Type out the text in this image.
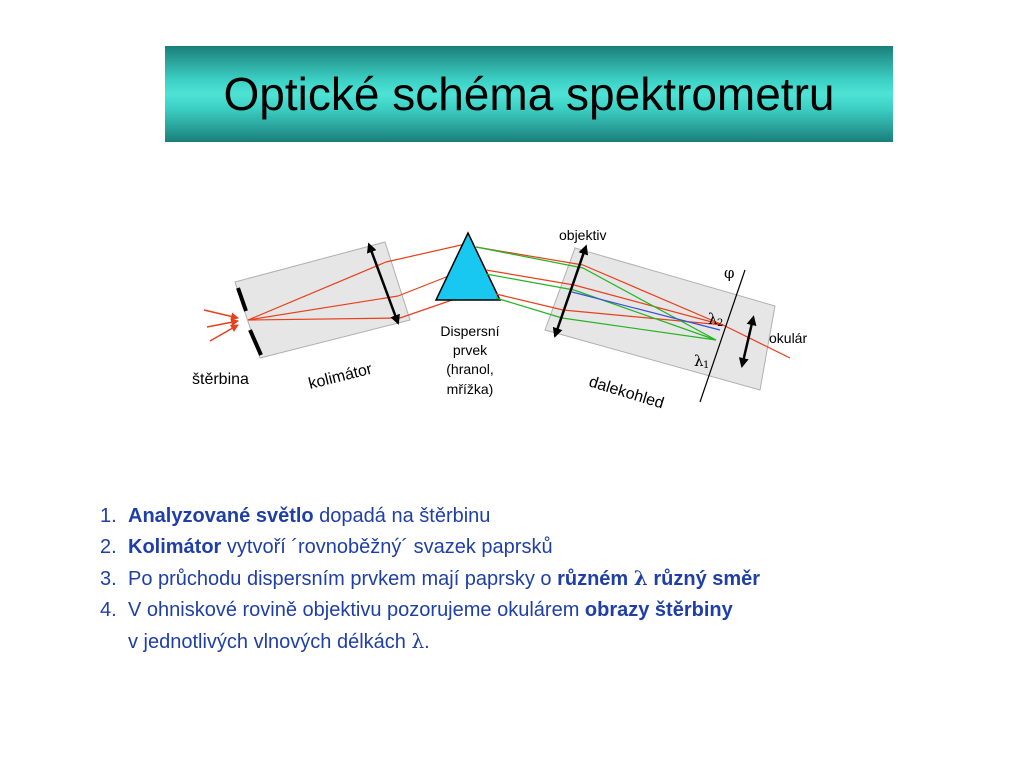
Optické schéma spektrometru
štěrbina	kolimátor
Dispersní
prvek
(hranol,
mřížka)
objektiv
dalekohled
okulár
φ
λ 2
λ 1
1. Analyzované světlo dopadá na štěrbinu
2. Kolimátor vytvoří ´rovnoběžný´ svazek paprsků
3. Po průchodu dispersním prvkem mají paprsky o různém λ různý směr
4. V ohniskové rovině objektivu pozorujeme okulárem obrazy štěrbiny
v jednotlivých vlnových délkách λ.
